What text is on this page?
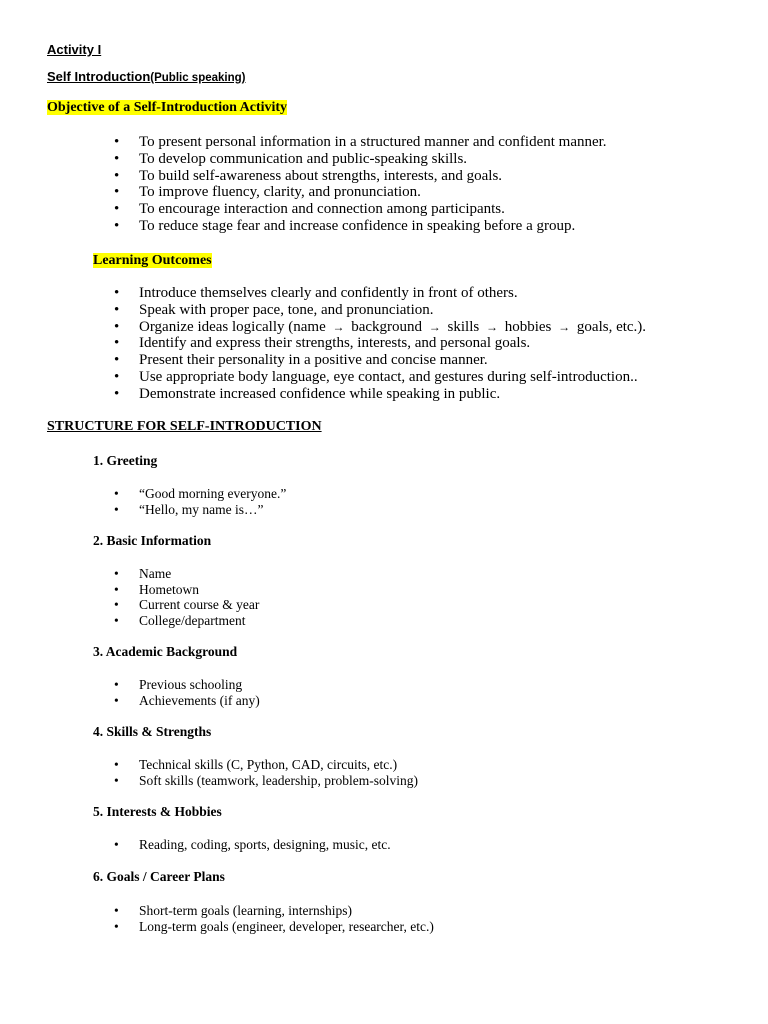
Activity I

Self Introduction(Public speaking)

Objective of a Self-Introduction Activity

• To present personal information in a structured manner and confident manner.
• To develop communication and public-speaking skills.
• To build self-awareness about strengths, interests, and goals.
• To improve fluency, clarity, and pronunciation.
• To encourage interaction and connection among participants.
• To reduce stage fear and increase confidence in speaking before a group.

Learning Outcomes

• Introduce themselves clearly and confidently in front of others.
• Speak with proper pace, tone, and pronunciation.
• Organize ideas logically (name → background → skills → hobbies → goals, etc.).
• Identify and express their strengths, interests, and personal goals.
• Present their personality in a positive and concise manner.
• Use appropriate body language, eye contact, and gestures during self-introduction..
• Demonstrate increased confidence while speaking in public.

STRUCTURE FOR SELF-INTRODUCTION

1. Greeting

• “Good morning everyone.”
• “Hello, my name is…”

2. Basic Information

• Name
• Hometown
• Current course & year
• College/department

3. Academic Background

• Previous schooling
• Achievements (if any)

4. Skills & Strengths

• Technical skills (C, Python, CAD, circuits, etc.)
• Soft skills (teamwork, leadership, problem-solving)

5. Interests & Hobbies

• Reading, coding, sports, designing, music, etc.

6. Goals / Career Plans

• Short-term goals (learning, internships)
• Long-term goals (engineer, developer, researcher, etc.)
